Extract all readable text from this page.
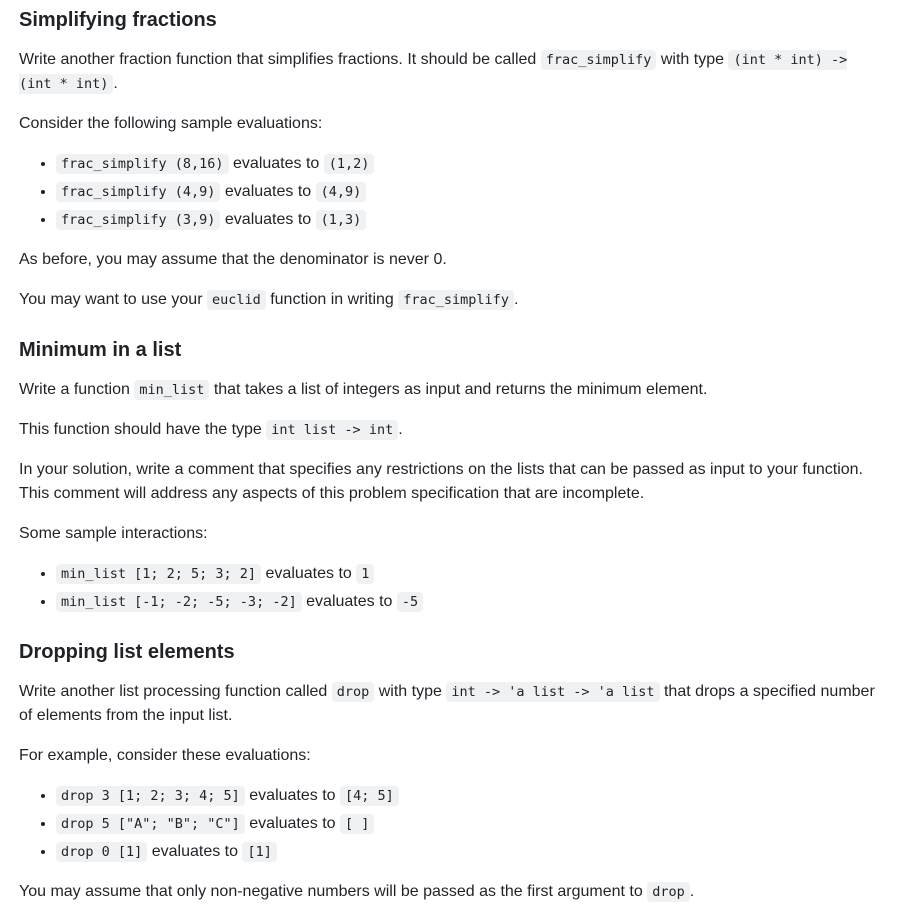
Simplifying fractions

Write another fraction function that simplifies fractions. It should be called frac_simplify with type (int * int) -> (int * int) .

Consider the following sample evaluations:

• frac_simplify (8,16) evaluates to (1,2)
• frac_simplify (4,9) evaluates to (4,9)
• frac_simplify (3,9) evaluates to (1,3)

As before, you may assume that the denominator is never 0.

You may want to use your euclid function in writing frac_simplify .

Minimum in a list

Write a function min_list that takes a list of integers as input and returns the minimum element.

This function should have the type int list -> int .

In your solution, write a comment that specifies any restrictions on the lists that can be passed as input to your function. This comment will address any aspects of this problem specification that are incomplete.

Some sample interactions:

• min_list [1; 2; 5; 3; 2] evaluates to 1
• min_list [-1; -2; -5; -3; -2] evaluates to -5
Dropping list elements

Write another list processing function called drop with type int -> 'a list -> 'a list that drops a specified number of elements from the input list.

For example, consider these evaluations:

• drop 3 [1; 2; 3; 4; 5] evaluates to [4; 5]
• drop 5 ["A"; "B"; "C"] evaluates to [ ]
• drop 0 [1] evaluates to [1]

You may assume that only non-negative numbers will be passed as the first argument to drop .
